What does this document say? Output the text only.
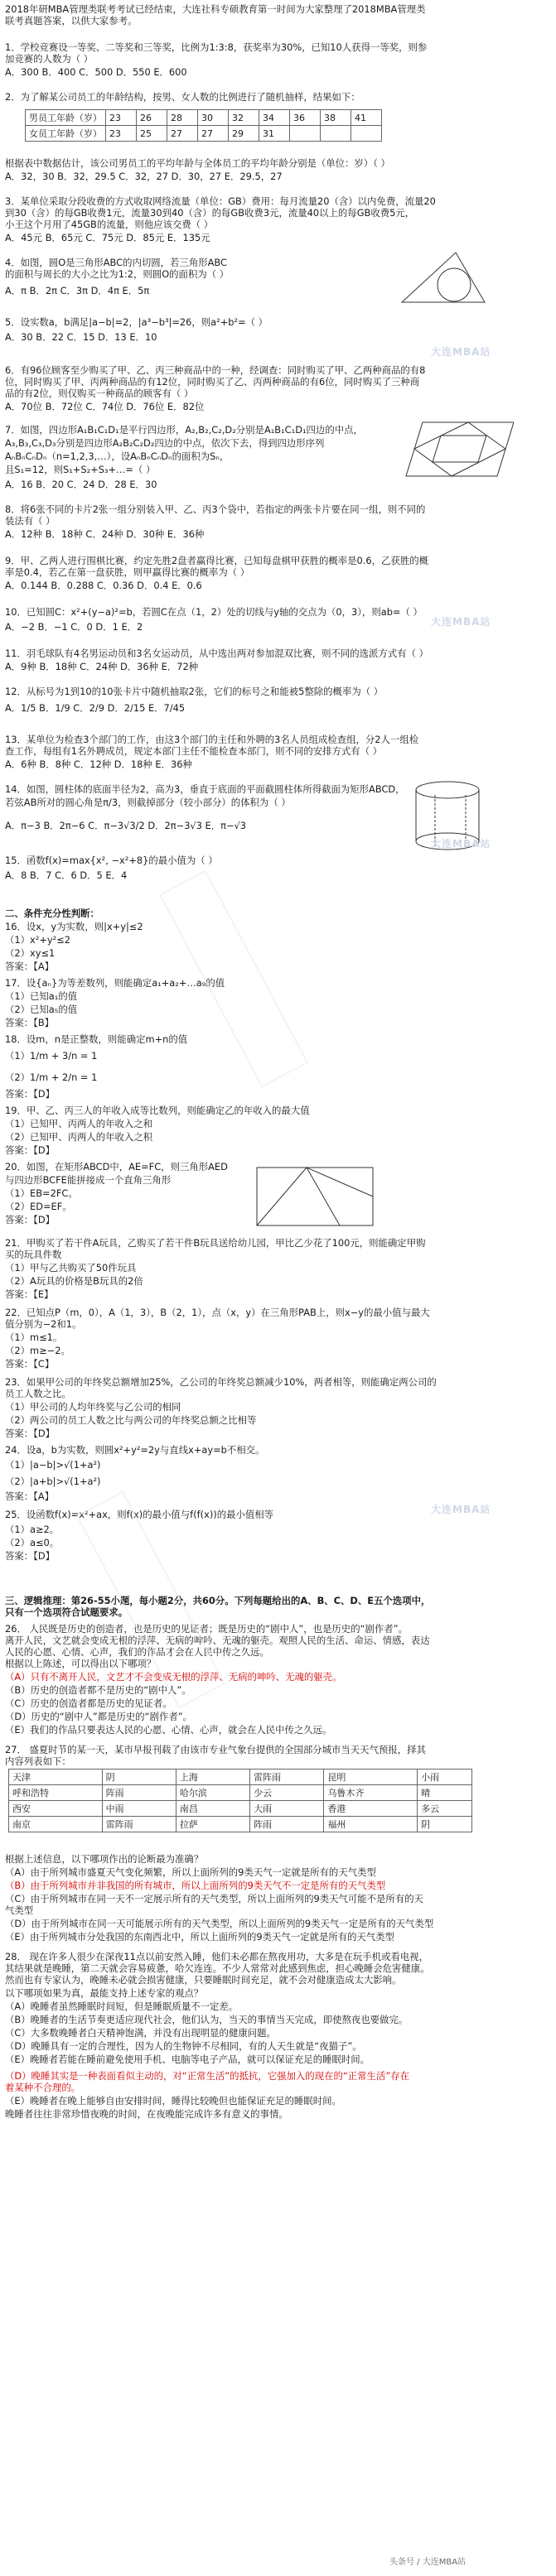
2018年研MBA管理类联考考试已经结束，大连社科专硕教育第一时间为大家整理了2018MBA管理类
联考真题答案，以供大家参考。
1．学校竞赛设一等奖、二等奖和三等奖，比例为1:3:8，获奖率为30%，已知10人获得一等奖，则参
加竞赛的人数为（ ）
A．300 B．400 C．500 D．550 E．600
2．为了解某公司员工的年龄结构，按男、女人数的比例进行了随机抽样，结果如下：
根据表中数据估计，该公司男员工的平均年龄与全体员工的平均年龄分别是（单位：岁）（ ）
A．32，30 B．32，29.5 C．32，27 D．30，27 E．29.5，27
3．某单位采取分段收费的方式收取网络流量（单位：GB）费用：每月流量20（含）以内免费，流量20
到30（含）的每GB收费1元，流量30到40（含）的每GB收费3元，流量40以上的每GB收费5元，
小王这个月用了45GB的流量，则他应该交费（ ）
A．45元 B．65元 C．75元 D．85元 E．135元
4．如图，圆O是三角形ABC的内切圆，若三角形ABC
的面积与周长的大小之比为1:2，则圆O的面积为（ ）
A．π B．2π C．3π D．4π E．5π
5．设实数a，b满足|a−b|=2，|a³−b³|=26，则a²+b²=（ ）
A．30 B．22 C．15 D．13 E．10
6．有96位顾客至少购买了甲、乙、丙三种商品中的一种，经调查：同时购买了甲、乙两种商品的有8
位，同时购买了甲、丙两种商品的有12位，同时购买了乙、丙两种商品的有6位，同时购买了三种商
品的有2位，则仅购买一种商品的顾客有（ ）
A．70位 B．72位 C．74位 D．76位 E．82位
7．如图，四边形A₁B₁C₁D₁是平行四边形，A₂,B₂,C₂,D₂分别是A₁B₁C₁D₁四边的中点，
A₃,B₃,C₃,D₃分别是四边形A₂B₂C₂D₂四边的中点，依次下去，得到四边形序列
AₙBₙCₙDₙ（n=1,2,3,…），设AₙBₙCₙDₙ的面积为Sₙ，
且S₁=12，则S₁+S₂+S₃+…=（ ）
A．16 B．20 C．24 D．28 E．30
8．将6张不同的卡片2张一组分别装入甲、乙、丙3个袋中，若指定的两张卡片要在同一组，则不同的
装法有（ ）
A．12种 B．18种 C．24种 D．30种 E．36种
9．甲、乙两人进行围棋比赛，约定先胜2盘者赢得比赛，已知每盘棋甲获胜的概率是0.6，乙获胜的概
率是0.4，若乙在第一盘获胜，则甲赢得比赛的概率为（ ）
A．0.144 B．0.288 C．0.36 D．0.4 E．0.6
10．已知圆C：x²+(y−a)²=b，若圆C在点（1，2）处的切线与y轴的交点为（0，3），则ab=（ ）
A．−2 B．−1 C．0 D．1 E．2
11．羽毛球队有4名男运动员和3名女运动员，从中选出两对参加混双比赛，则不同的选派方式有（ ）
A．9种 B．18种 C．24种 D．36种 E．72种
12．从标号为1到10的10张卡片中随机抽取2张，它们的标号之和能被5整除的概率为（ ）
A．1/5 B．1/9 C．2/9 D．2/15 E．7/45
13．某单位为检查3个部门的工作，由这3个部门的主任和外聘的3名人员组成检查组，分2人一组检
查工作，每组有1名外聘成员，规定本部门主任不能检查本部门，则不同的安排方式有（ ）
A．6种 B．8种 C．12种 D．18种 E．36种
14．如图，圆柱体的底面半径为2，高为3，垂直于底面的平面截圆柱体所得截面为矩形ABCD，
若弦AB所对的圆心角是π/3，则截掉部分（较小部分）的体积为（ ）
A．π−3 B．2π−6 C．π−3√3/2 D．2π−3√3 E．π−√3
15．函数f(x)=max{x², −x²+8}的最小值为（ ）
A．8 B．7 C．6 D．5 E．4
二、条件充分性判断：
16．设x，y为实数，则|x+y|≤2
（1）x²+y²≤2
（2）xy≤1
答案：【A】
17．设{aₙ}为等差数列，则能确定a₁+a₂+…a₉的值
（1）已知a₁的值
（2）已知a₅的值
答案：【B】
18．设m，n是正整数，则能确定m+n的值
（1）1/m + 3/n = 1
（2）1/m + 2/n = 1
答案：【D】
19．甲、乙、丙三人的年收入成等比数列，则能确定乙的年收入的最大值
（1）已知甲、丙两人的年收入之和
（2）已知甲、丙两人的年收入之积
答案：【D】
20．如图，在矩形ABCD中，AE=FC，则三角形AED
与四边形BCFE能拼接成一个直角三角形
（1）EB=2FC。
（2）ED=EF。
答案：【D】
21．甲购买了若干件A玩具，乙购买了若干件B玩具送给幼儿园，甲比乙少花了100元，则能确定甲购
买的玩具件数
（1）甲与乙共购买了50件玩具
（2）A玩具的价格是B玩具的2倍
答案：【E】
22．已知点P（m，0），A（1，3），B（2，1），点（x，y）在三角形PAB上，则x−y的最小值与最大
值分别为−2和1。
（1）m≤1。
（2）m≥−2。
答案：【C】
23．如果甲公司的年终奖总额增加25%，乙公司的年终奖总额减少10%，两者相等，则能确定两公司的
员工人数之比。
（1）甲公司的人均年终奖与乙公司的相同
（2）两公司的员工人数之比与两公司的年终奖总额之比相等
答案：【D】
24．设a，b为实数，则圆x²+y²=2y与直线x+ay=b不相交。
（1）|a−b|>√(1+a²)
（2）|a+b|>√(1+a²)
答案：【A】
25．设函数f(x)=x²+ax，则f(x)的最小值与f(f(x))的最小值相等
（1）a≥2。
（2）a≤0。
答案：【D】
三、逻辑推理：第26-55小题，每小题2分，共60分。下列每题给出的A、B、C、D、E五个选项中，
只有一个选项符合试题要求。
26． 人民既是历史的创造者，也是历史的见证者；既是历史的“剧中人”，也是历史的“剧作者”。
离开人民，文艺就会变成无根的浮萍、无病的呻吟、无魂的躯壳。观照人民的生活、命运、情感，表达
人民的心愿、心情、心声，我们的作品才会在人民中传之久远。
根据以上陈述，可以得出以下哪项？
（A）只有不离开人民，文艺才不会变成无根的浮萍、无病的呻吟、无魂的躯壳。
（B）历史的创造者都不是历史的“剧中人”。
（C）历史的创造者都是历史的见证者。
（D）历史的“剧中人”都是历史的“剧作者”。
（E）我们的作品只要表达人民的心愿、心情、心声，就会在人民中传之久远。
27． 盛夏时节的某一天，某市早报刊载了由该市专业气象台提供的全国部分城市当天天气预报，择其
内容列表如下：
根据上述信息，以下哪项作出的论断最为准确？
（A）由于所列城市盛夏天气变化频繁，所以上面所列的9类天气一定就是所有的天气类型
（B）由于所列城市并非我国的所有城市，所以上面所列的9类天气不一定是所有的天气类型
（C）由于所列城市在同一天不一定展示所有的天气类型，所以上面所列的9类天气可能不是所有的天
气类型
（D）由于所列城市在同一天可能展示所有的天气类型，所以上面所列的9类天气一定是所有的天气类型
（E）由于所列城市分处我国的东南西北中，所以上面所列的9类天气一定就是所有的天气类型
28． 现在许多人很少在深夜11点以前安然入睡，他们未必都在熬夜用功，大多是在玩手机或看电视，
其结果就是晚睡，第二天就会容易疲惫，哈欠连连。不少人常常对此感到焦虑，担心晚睡会危害健康。
然而也有专家认为，晚睡未必就会损害健康，只要睡眠时间充足，就不会对健康造成太大影响。
以下哪项如果为真，最能支持上述专家的观点？
（A）晚睡者虽然睡眠时间短，但是睡眠质量不一定差。
（B）晚睡者的生活节奏更适应现代社会，他们认为，当天的事情当天完成，即使熬夜也要做完。
（C）大多数晚睡者白天精神饱满，并没有出现明显的健康问题。
（D）晚睡具有一定的合理性，因为人的生物钟不尽相同，有的人天生就是“夜猫子”。
（E）晚睡者若能在睡前避免使用手机、电脑等电子产品，就可以保证充足的睡眠时间。
（D）晚睡其实是一种表面看似主动的，对“正常生活”的抵抗，它强加入的现在的“正常生活”存在
着某种不合理的。
（E）晚睡者在晚上能够自由安排时间，睡得比较晚但也能保证充足的睡眠时间。
晚睡者往往非常珍惜夜晚的时间，在夜晚能完成许多有意义的事情。
男员工年龄（岁）	23	26	28	30	32	34	36	38	41
女员工年龄（岁）	23	25	27	27	29	31			
天津	阴	上海	雷阵雨	昆明	小雨
呼和浩特	阵雨	哈尔滨	少云	乌鲁木齐	晴
西安	中雨	南昌	大雨	香港	多云
南京	雷阵雨	拉萨	阵雨	福州	阴
大连MBA站
大连MBA站
大连MBA站
大连MBA站
头条号 / 大连MBA站
